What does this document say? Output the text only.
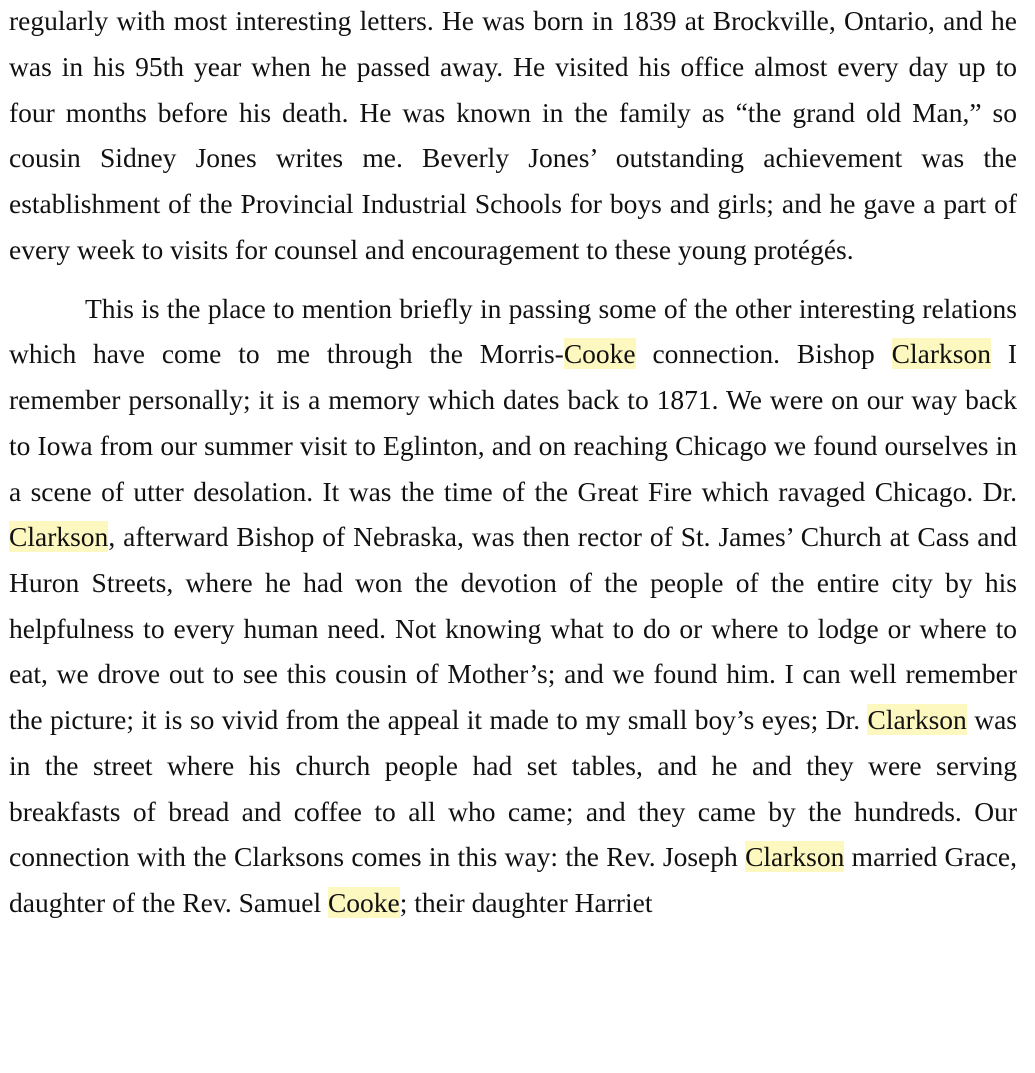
regularly with most interesting letters. He was born in 1839 at Brockville, Ontario, and he was in his 95th year when he passed away. He visited his office almost every day up to four months before his death. He was known in the family as “the grand old Man,” so cousin Sidney Jones writes me. Beverly Jones’ outstanding achievement was the establishment of the Provincial Industrial Schools for boys and girls; and he gave a part of every week to visits for counsel and encouragement to these young protégés.

This is the place to mention briefly in passing some of the other interesting relations which have come to me through the Morris-Cooke connection. Bishop Clarkson I remember personally; it is a memory which dates back to 1871. We were on our way back to Iowa from our summer visit to Eglinton, and on reaching Chicago we found ourselves in a scene of utter desolation. It was the time of the Great Fire which ravaged Chicago. Dr. Clarkson, afterward Bishop of Nebraska, was then rector of St. James’ Church at Cass and Huron Streets, where he had won the devotion of the people of the entire city by his helpfulness to every human need. Not knowing what to do or where to lodge or where to eat, we drove out to see this cousin of Mother’s; and we found him. I can well remember the picture; it is so vivid from the appeal it made to my small boy’s eyes; Dr. Clarkson was in the street where his church people had set tables, and he and they were serving breakfasts of bread and coffee to all who came; and they came by the hundreds. Our connection with the Clarksons comes in this way: the Rev. Joseph Clarkson married Grace, daughter of the Rev. Samuel Cooke; their daughter Harriet
